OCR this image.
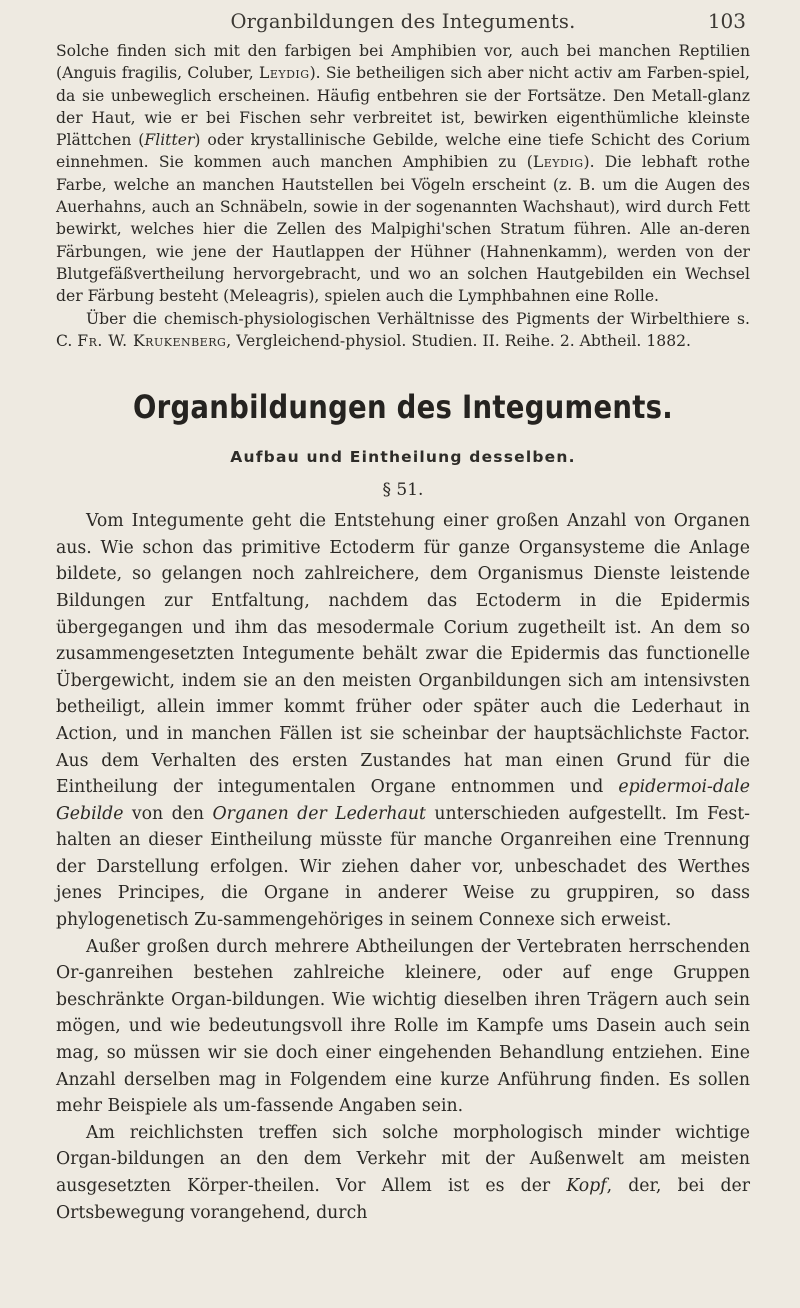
Organbildungen des Integuments.	103

Solche finden sich mit den farbigen bei Amphibien vor, auch bei manchen Reptilien (Anguis fragilis, Coluber, Leydig). Sie betheiligen sich aber nicht activ am Farben-spiel, da sie unbeweglich erscheinen. Häufig entbehren sie der Fortsätze. Den Metall-glanz der Haut, wie er bei Fischen sehr verbreitet ist, bewirken eigenthümliche kleinste Plättchen (Flitter) oder krystallinische Gebilde, welche eine tiefe Schicht des Corium einnehmen. Sie kommen auch manchen Amphibien zu (Leydig). Die lebhaft rothe Farbe, welche an manchen Hautstellen bei Vögeln erscheint (z. B. um die Augen des Auerhahns, auch an Schnäbeln, sowie in der sogenannten Wachshaut), wird durch Fett bewirkt, welches hier die Zellen des Malpighi'schen Stratum führen. Alle an-deren Färbungen, wie jene der Hautlappen der Hühner (Hahnenkamm), werden von der Blutgefäßvertheilung hervorgebracht, und wo an solchen Hautgebilden ein Wechsel der Färbung besteht (Meleagris), spielen auch die Lymphbahnen eine Rolle.

Über die chemisch-physiologischen Verhältnisse des Pigments der Wirbelthiere s. C. Fr. W. Krukenberg, Vergleichend-physiol. Studien. II. Reihe. 2. Abtheil. 1882.

Organbildungen des Integuments.
Aufbau und Eintheilung desselben.
§ 51.

Vom Integumente geht die Entstehung einer großen Anzahl von Organen aus. Wie schon das primitive Ectoderm für ganze Organsysteme die Anlage bildete, so gelangen noch zahlreichere, dem Organismus Dienste leistende Bildungen zur Entfaltung, nachdem das Ectoderm in die Epidermis übergegangen und ihm das mesodermale Corium zugetheilt ist. An dem so zusammengesetzten Integumente behält zwar die Epidermis das functionelle Übergewicht, indem sie an den meisten Organbildungen sich am intensivsten betheiligt, allein immer kommt früher oder später auch die Lederhaut in Action, und in manchen Fällen ist sie scheinbar der hauptsächlichste Factor. Aus dem Verhalten des ersten Zustandes hat man einen Grund für die Eintheilung der integumentalen Organe entnommen und epidermoi-dale Gebilde von den Organen der Lederhaut unterschieden aufgestellt. Im Fest-halten an dieser Eintheilung müsste für manche Organreihen eine Trennung der Darstellung erfolgen. Wir ziehen daher vor, unbeschadet des Werthes jenes Principes, die Organe in anderer Weise zu gruppiren, so dass phylogenetisch Zu-sammengehöriges in seinem Connexe sich erweist.

Außer großen durch mehrere Abtheilungen der Vertebraten herrschenden Or-ganreihen bestehen zahlreiche kleinere, oder auf enge Gruppen beschränkte Organ-bildungen. Wie wichtig dieselben ihren Trägern auch sein mögen, und wie bedeutungsvoll ihre Rolle im Kampfe ums Dasein auch sein mag, so müssen wir sie doch einer eingehenden Behandlung entziehen. Eine Anzahl derselben mag in Folgendem eine kurze Anführung finden. Es sollen mehr Beispiele als um-fassende Angaben sein.

Am reichlichsten treffen sich solche morphologisch minder wichtige Organ-bildungen an den dem Verkehr mit der Außenwelt am meisten ausgesetzten Körper-theilen. Vor Allem ist es der Kopf, der, bei der Ortsbewegung vorangehend, durch
